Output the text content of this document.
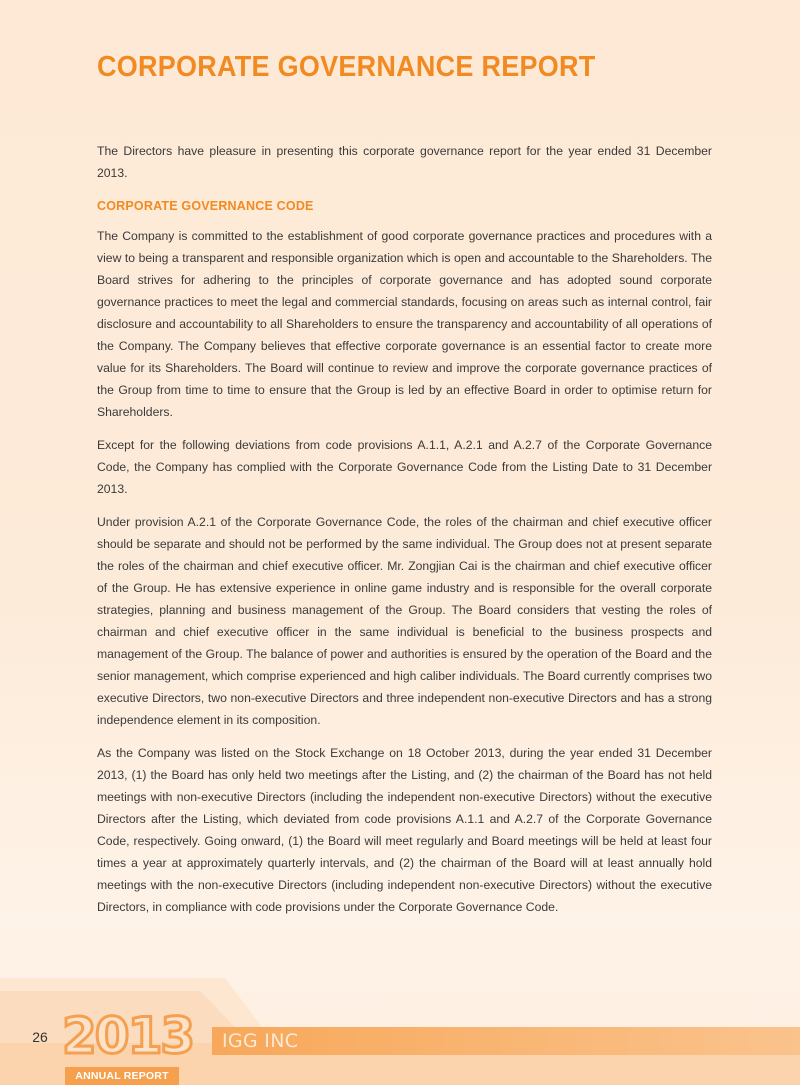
CORPORATE GOVERNANCE REPORT

The Directors have pleasure in presenting this corporate governance report for the year ended 31 December 2013.

CORPORATE GOVERNANCE CODE

The Company is committed to the establishment of good corporate governance practices and procedures with a view to being a transparent and responsible organization which is open and accountable to the Shareholders. The Board strives for adhering to the principles of corporate governance and has adopted sound corporate governance practices to meet the legal and commercial standards, focusing on areas such as internal control, fair disclosure and accountability to all Shareholders to ensure the transparency and accountability of all operations of the Company. The Company believes that effective corporate governance is an essential factor to create more value for its Shareholders. The Board will continue to review and improve the corporate governance practices of the Group from time to time to ensure that the Group is led by an effective Board in order to optimise return for Shareholders.

Except for the following deviations from code provisions A.1.1, A.2.1 and A.2.7 of the Corporate Governance Code, the Company has complied with the Corporate Governance Code from the Listing Date to 31 December 2013.

Under provision A.2.1 of the Corporate Governance Code, the roles of the chairman and chief executive officer should be separate and should not be performed by the same individual. The Group does not at present separate the roles of the chairman and chief executive officer. Mr. Zongjian Cai is the chairman and chief executive officer of the Group. He has extensive experience in online game industry and is responsible for the overall corporate strategies, planning and business management of the Group. The Board considers that vesting the roles of chairman and chief executive officer in the same individual is beneficial to the business prospects and management of the Group. The balance of power and authorities is ensured by the operation of the Board and the senior management, which comprise experienced and high caliber individuals. The Board currently comprises two executive Directors, two non-executive Directors and three independent non-executive Directors and has a strong independence element in its composition.

As the Company was listed on the Stock Exchange on 18 October 2013, during the year ended 31 December 2013, (1) the Board has only held two meetings after the Listing, and (2) the chairman of the Board has not held meetings with non-executive Directors (including the independent non-executive Directors) without the executive Directors after the Listing, which deviated from code provisions A.1.1 and A.2.7 of the Corporate Governance Code, respectively. Going onward, (1) the Board will meet regularly and Board meetings will be held at least four times a year at approximately quarterly intervals, and (2) the chairman of the Board will at least annually hold meetings with the non-executive Directors (including independent non-executive Directors) without the executive Directors, in compliance with code provisions under the Corporate Governance Code.

26 2013
ANNUAL REPORT
IGG INC
